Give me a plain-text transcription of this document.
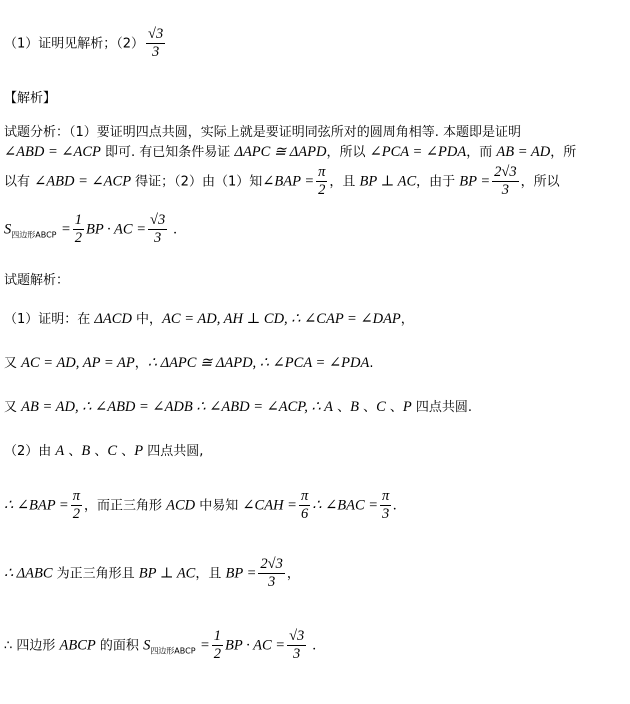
（1）证明见解析；$(2) \frac{√3}{3}$
【解析】
试题分析：（1）要证明四点共圆，实际上就是要证明同弦所对的圆周角相等. 本题即是证明
∠ABD = ∠ACP 即可. 有已知条件易证 ΔAPC ≅ ΔAPD，所以 ∠PCA = ∠PDA，而 AB = AD，所
以有 ∠ABD = ∠ACP 得证；（2）由（1）知∠BAP = $\frac{\pi}{2}$ ，且 BP ⊥ AC，由于 BP = $\frac{2√3}{3}$ ，所以
$S_{四边形ABCP} = \frac{1}{2}$ BP · AC = $\frac{√3}{3}$ .
试题解析：
（1）证明：在 ΔACD 中，AC = AD, AH ⊥ CD, ∴ ∠CAP = ∠DAP，
又 AC = AD, AP = AP，∴ ΔAPC ≅ ΔAPD, ∴ ∠PCA = ∠PDA.
又 AB = AD, ∴ ∠ABD = ∠ADB ∴ ∠ABD = ∠ACP, ∴ A 、B 、C 、P 四点共圆.
（2）由 A 、B 、C 、P 四点共圆,
∴ ∠BAP = $\frac{\pi}{2}$ ，而正三角形 ACD 中易知 ∠CAH = $\frac{\pi}{6}$ ∴ ∠BAC = $\frac{\pi}{3}$ .
∴ ΔABC 为正三角形且 BP ⊥ AC，且 BP = $\frac{2√3}{3}$ ，
∴ 四边形 ABCP 的面积 $S_{四边形ABCP} = \frac{1}{2}$ BP · AC = $\frac{√3}{3}$ .
